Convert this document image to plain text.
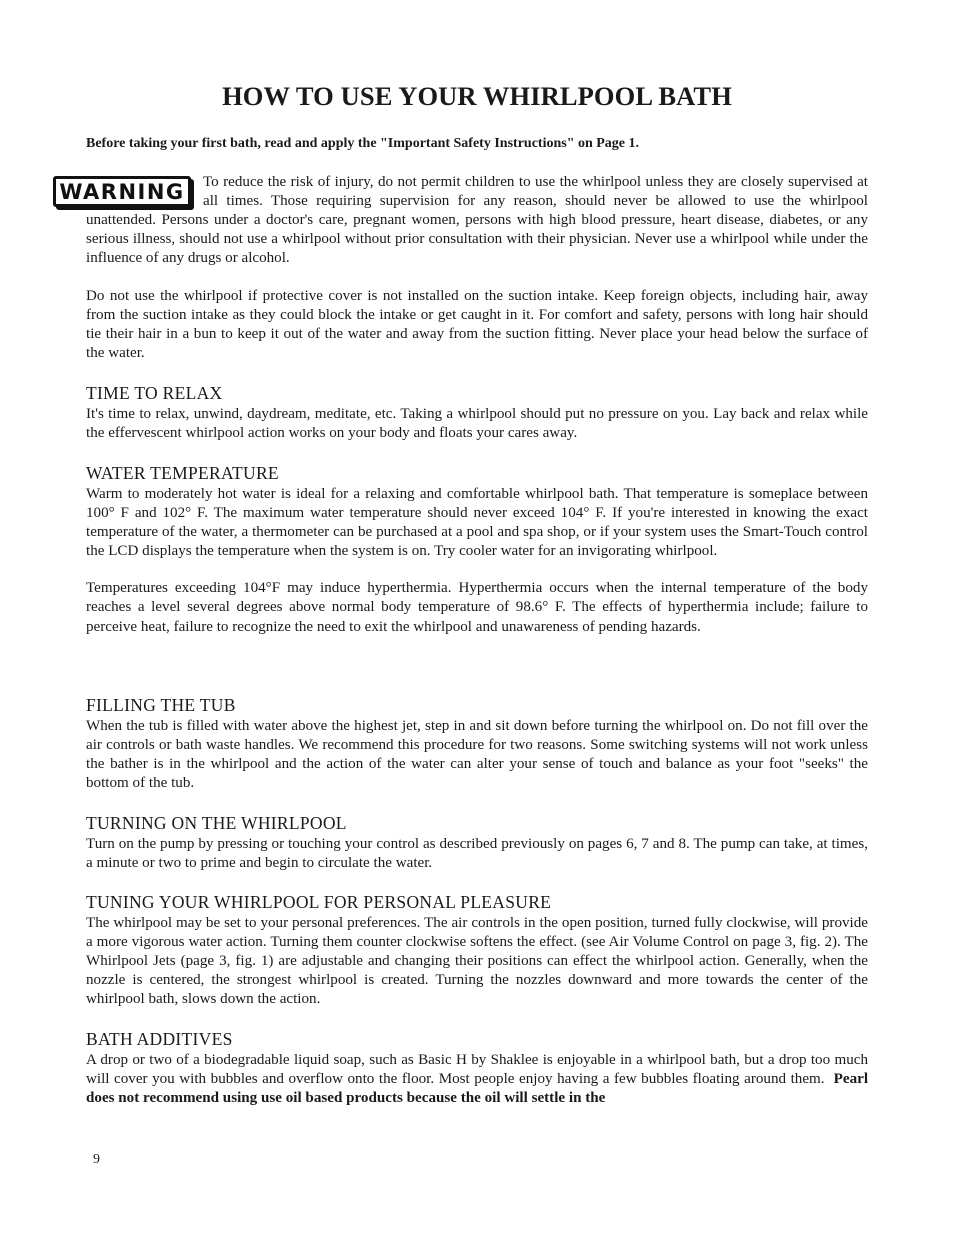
HOW TO USE YOUR WHIRLPOOL BATH

Before taking your first bath, read and apply the "Important Safety Instructions" on Page 1.

WARNING	To reduce the risk of injury, do not permit children to use the whirlpool unless they are closely supervised at all times. Those requiring supervision for any reason, should never be allowed to use the whirlpool unattended. Persons under a doctor's care, pregnant women, persons with high blood pressure, heart disease, diabetes, or any serious illness, should not use a whirlpool without prior consultation with their physician. Never use a whirlpool while under the influence of any drugs or alcohol.

Do not use the whirlpool if protective cover is not installed on the suction intake. Keep foreign objects, including hair, away from the suction intake as they could block the intake or get caught in it. For comfort and safety, persons with long hair should tie their hair in a bun to keep it out of the water and away from the suction fitting. Never place your head below the surface of the water.

TIME TO RELAX

It's time to relax, unwind, daydream, meditate, etc. Taking a whirlpool should put no pressure on you. Lay back and relax while the effervescent whirlpool action works on your body and floats your cares away.

WATER TEMPERATURE

Warm to moderately hot water is ideal for a relaxing and comfortable whirlpool bath. That temperature is someplace between 100° F and 102° F. The maximum water temperature should never exceed 104° F. If you're interested in knowing the exact temperature of the water, a thermometer can be purchased at a pool and spa shop, or if your system uses the Smart-Touch control the LCD displays the temperature when the system is on. Try cooler water for an invigorating whirlpool.

Temperatures exceeding 104°F may induce hyperthermia. Hyperthermia occurs when the internal temperature of the body reaches a level several degrees above normal body temperature of 98.6° F. The effects of hyperthermia include; failure to perceive heat, failure to recognize the need to exit the whirlpool and unawareness of pending hazards.

FILLING THE TUB

When the tub is filled with water above the highest jet, step in and sit down before turning the whirlpool on. Do not fill over the air controls or bath waste handles. We recommend this procedure for two reasons. Some switching systems will not work unless the bather is in the whirlpool and the action of the water can alter your sense of touch and balance as your foot "seeks" the bottom of the tub.

TURNING ON THE WHIRLPOOL

Turn on the pump by pressing or touching your control as described previously on pages 6, 7 and 8. The pump can take, at times, a minute or two to prime and begin to circulate the water.

TUNING YOUR WHIRLPOOL FOR PERSONAL PLEASURE

The whirlpool may be set to your personal preferences. The air controls in the open position, turned fully clockwise, will provide a more vigorous water action. Turning them counter clockwise softens the effect. (see Air Volume Control on page 3, fig. 2). The Whirlpool Jets (page 3, fig. 1) are adjustable and changing their positions can effect the whirlpool action. Generally, when the nozzle is centered, the strongest whirlpool is created. Turning the nozzles downward and more towards the center of the whirlpool bath, slows down the action.

BATH ADDITIVES

A drop or two of a biodegradable liquid soap, such as Basic H by Shaklee is enjoyable in a whirlpool bath, but a drop too much will cover you with bubbles and overflow onto the floor. Most people enjoy having a few bubbles floating around them. Pearl does not recommend using use oil based products because the oil will settle in the

9
